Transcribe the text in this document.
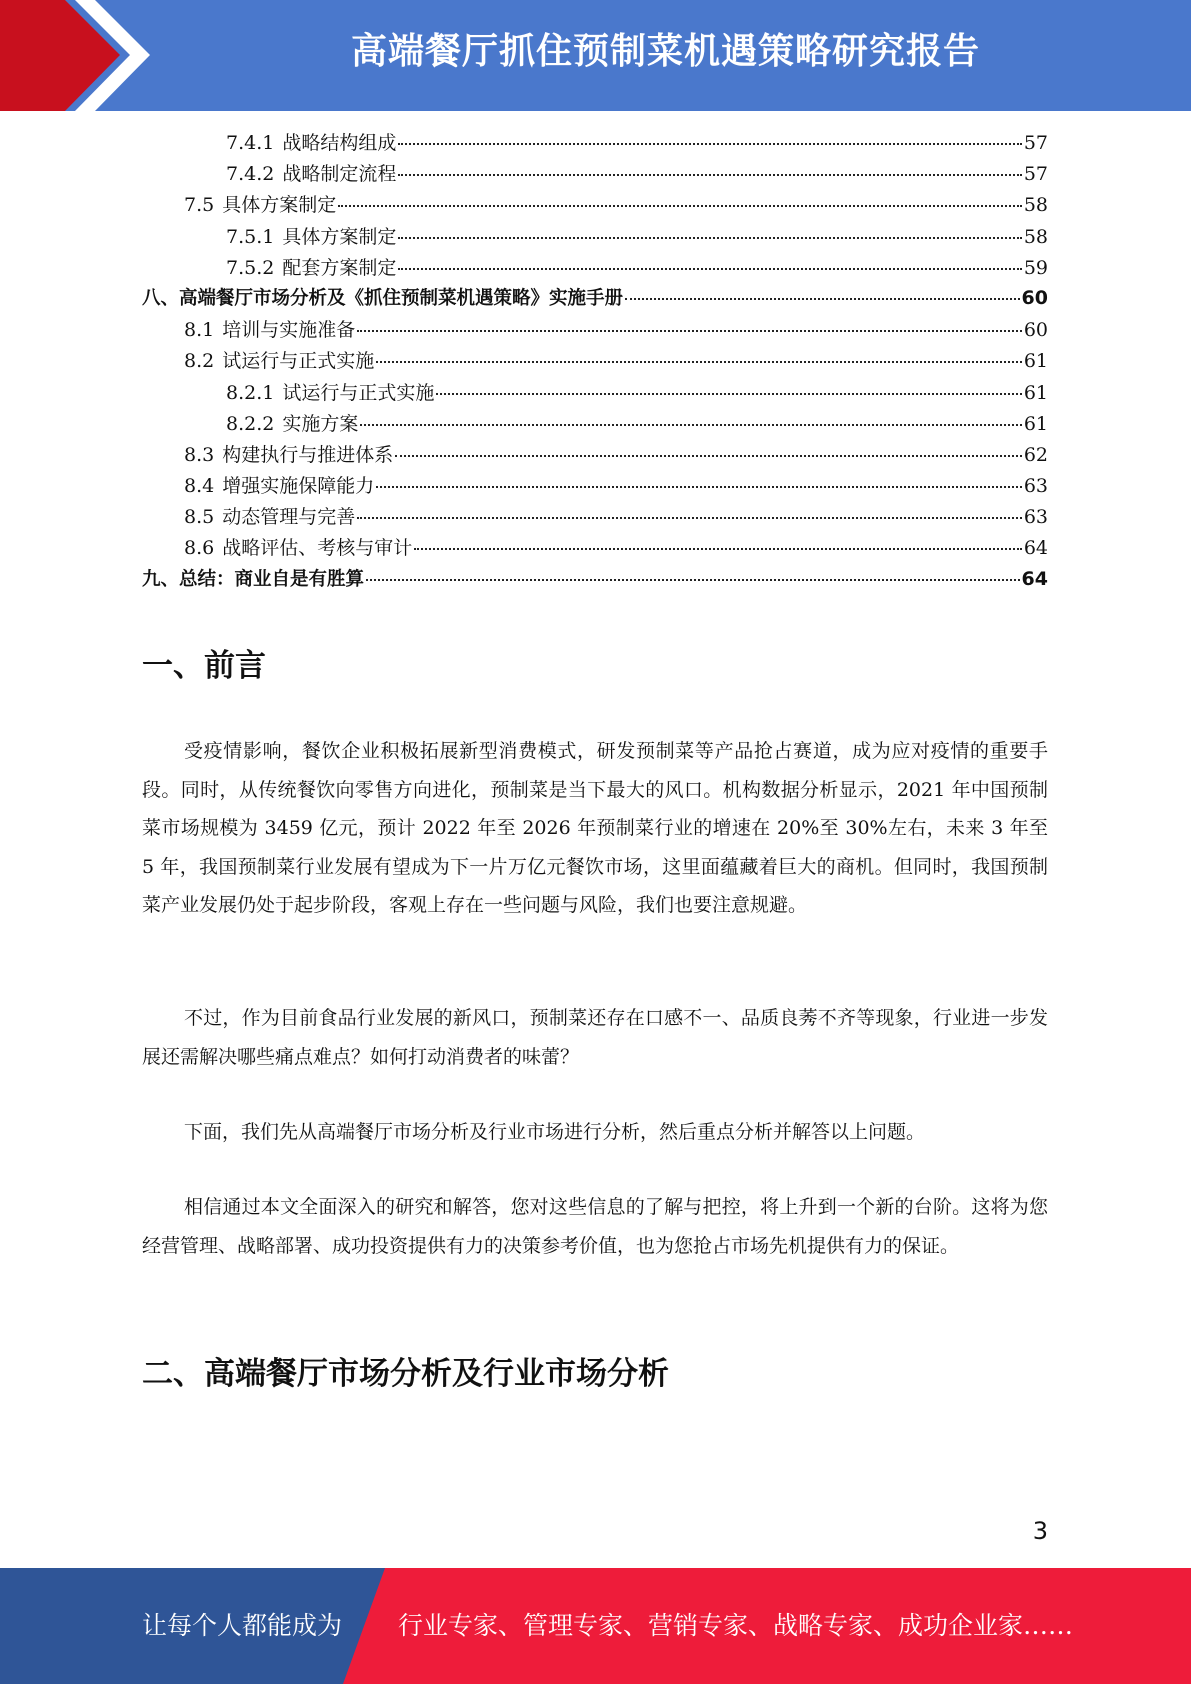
高端餐厅抓住预制菜机遇策略研究报告
7.4.1 战略结构组成	57
7.4.2 战略制定流程	57
7.5 具体方案制定	58
7.5.1 具体方案制定	58
7.5.2 配套方案制定	59
八、高端餐厅市场分析及《抓住预制菜机遇策略》实施手册	60
8.1 培训与实施准备	60
8.2 试运行与正式实施	61
8.2.1 试运行与正式实施	61
8.2.2 实施方案	61
8.3 构建执行与推进体系	62
8.4 增强实施保障能力	63
8.5 动态管理与完善	63
8.6 战略评估、考核与审计	64
九、总结：商业自是有胜算	64
一、前言
受疫情影响，餐饮企业积极拓展新型消费模式，研发预制菜等产品抢占赛道，成为应对疫情的重要手段。同时，从传统餐饮向零售方向进化，预制菜是当下最大的风口。机构数据分析显示，2021 年中国预制菜市场规模为 3459 亿元，预计 2022 年至 2026 年预制菜行业的增速在 20%至 30%左右，未来 3 年至 5 年，我国预制菜行业发展有望成为下一片万亿元餐饮市场，这里面蕴藏着巨大的商机。但同时，我国预制菜产业发展仍处于起步阶段，客观上存在一些问题与风险，我们也要注意规避。
不过，作为目前食品行业发展的新风口，预制菜还存在口感不一、品质良莠不齐等现象，行业进一步发展还需解决哪些痛点难点？如何打动消费者的味蕾？
下面，我们先从高端餐厅市场分析及行业市场进行分析，然后重点分析并解答以上问题。
相信通过本文全面深入的研究和解答，您对这些信息的了解与把控，将上升到一个新的台阶。这将为您经营管理、战略部署、成功投资提供有力的决策参考价值，也为您抢占市场先机提供有力的保证。
二、高端餐厅市场分析及行业市场分析
3
让每个人都能成为 行业专家、管理专家、营销专家、战略专家、成功企业家……
